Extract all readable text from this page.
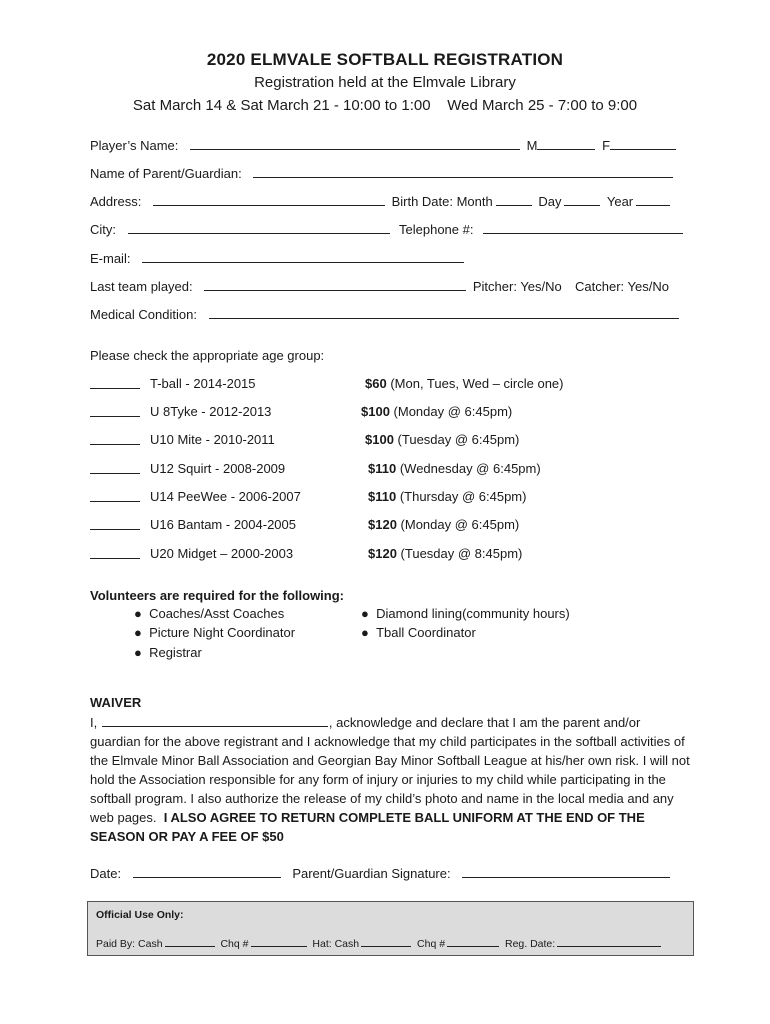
2020 ELMVALE SOFTBALL REGISTRATION
Registration held at the Elmvale Library
Sat March 14 & Sat March 21 - 10:00 to 1:00    Wed March 25 - 7:00 to 9:00
Player’s Name:	M	F
Name of Parent/Guardian:
Address:	Birth Date: Month	Day	Year
City:	Telephone #:
E-mail:
Last team played:	Pitcher: Yes/No Catcher: Yes/No
Medical Condition:
Please check the appropriate age group:
T-ball - 2014-2015	$60 (Mon, Tues, Wed – circle one)
U 8Tyke - 2012-2013	$100 (Monday @ 6:45pm)
U10 Mite - 2010-2011	$100 (Tuesday @ 6:45pm)
U12 Squirt - 2008-2009	$110 (Wednesday @ 6:45pm)
U14 PeeWee - 2006-2007	$110 (Thursday @ 6:45pm)
U16 Bantam - 2004-2005	$120 (Monday @ 6:45pm)
U20 Midget – 2000-2003	$120 (Tuesday @ 8:45pm)
Volunteers are required for the following:
●  Coaches/Asst Coaches
●  Picture Night Coordinator
●  Registrar
●  Diamond lining(community hours)
●  Tball Coordinator
WAIVER
I,	, acknowledge and declare that I am the parent and/or guardian for the above registrant and I acknowledge that my child participates in the softball activities of the Elmvale Minor Ball Association and Georgian Bay Minor Softball League at his/her own risk. I will not hold the Association responsible for any form of injury or injuries to my child while participating in the softball program. I also authorize the release of my child’s photo and name in the local media and any web pages. I ALSO AGREE TO RETURN COMPLETE BALL UNIFORM AT THE END OF THE SEASON OR PAY A FEE OF $50
Date:	Parent/Guardian Signature:
Official Use Only:
Paid By: Cash	Chq #	Hat: Cash	Chq #	Reg. Date:
